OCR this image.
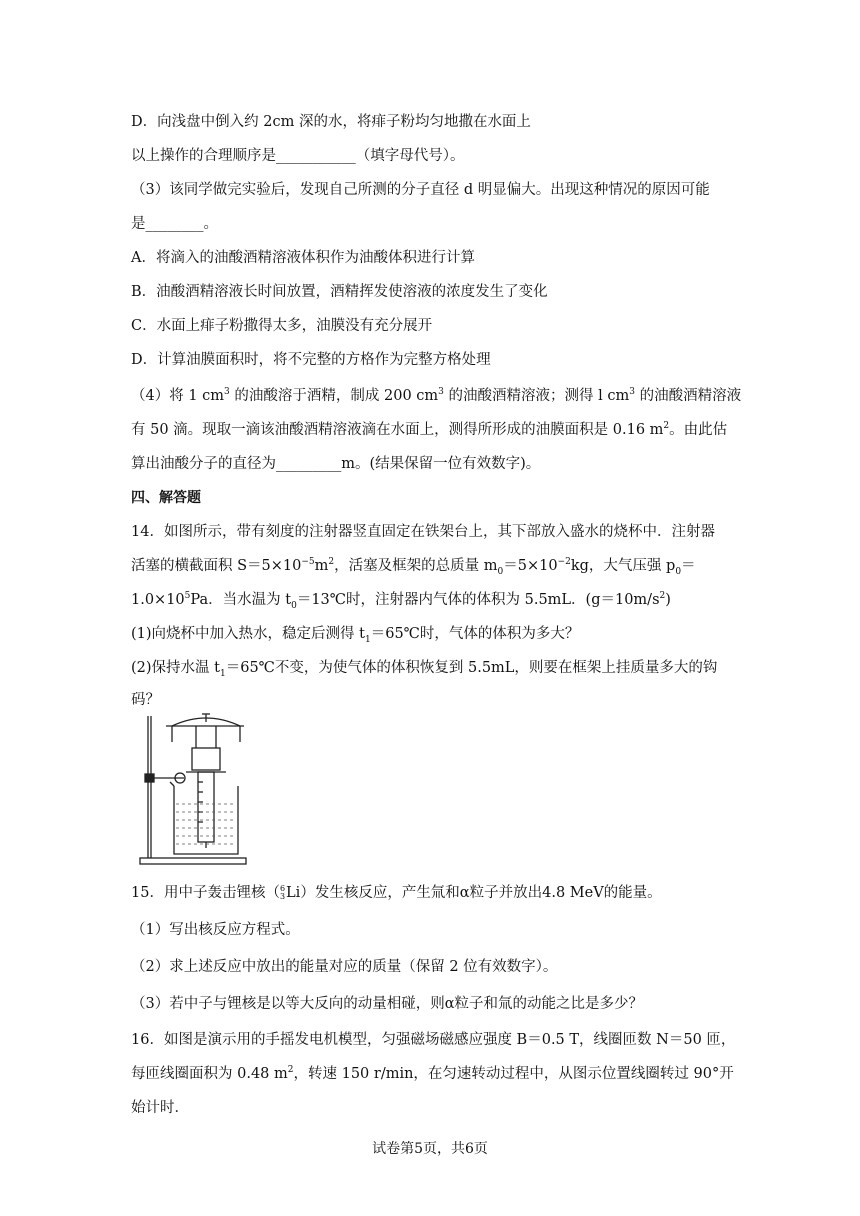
D．向浅盘中倒入约 2cm 深的水，将痱子粉均匀地撒在水面上
以上操作的合理顺序是___________（填字母代号）。
（3）该同学做完实验后，发现自己所测的分子直径 d 明显偏大。出现这种情况的原因可能
是________。
A．将滴入的油酸酒精溶液体积作为油酸体积进行计算
B．油酸酒精溶液长时间放置，酒精挥发使溶液的浓度发生了变化
C．水面上痱子粉撒得太多，油膜没有充分展开
D．计算油膜面积时，将不完整的方格作为完整方格处理
（4）将 1 $cm^3$ 的油酸溶于酒精，制成 200 $cm^3$ 的油酸酒精溶液；测得 l $cm^3$ 的油酸酒精溶液
有 50 滴。现取一滴该油酸酒精溶液滴在水面上，测得所形成的油膜面积是 0.16 $m^2$。由此估
算出油酸分子的直径为_________m。(结果保留一位有效数字)。
四、解答题
14．如图所示，带有刻度的注射器竖直固定在铁架台上，其下部放入盛水的烧杯中．注射器
活塞的横截面积 $S=5\times 10^{-5}m^2$，活塞及框架的总质量 $m_0=5\times 10^{-2}kg$，大气压强 $p_0=$
$1.0\times 10^5Pa$．当水温为 $t_0=13℃$时，注射器内气体的体积为 5.5mL．$(g=10m/s^2)$
(1)向烧杯中加入热水，稳定后测得 $t_1=65℃$时，气体的体积为多大？
(2)保持水温 $t_1=65℃$不变，为使气体的体积恢复到 5.5mL，则要在框架上挂质量多大的钩
码？
15．用中子轰击锂核（ 6
3 Li）发生核反应，产生氚和α粒子并放出4.8 MeV的能量。
（1）写出核反应方程式。
（2）求上述反应中放出的能量对应的质量（保留 2 位有效数字）。
（3）若中子与锂核是以等大反向的动量相碰，则α粒子和氚的动能之比是多少？
16．如图是演示用的手摇发电机模型，匀强磁场磁感应强度 B＝0.5 T，线圈匝数 N＝50 匝，
每匝线圈面积为 0.48 $m^2$，转速 150 r/min，在匀速转动过程中，从图示位置线圈转过 90°开
始计时．
试卷第5页，共6页
